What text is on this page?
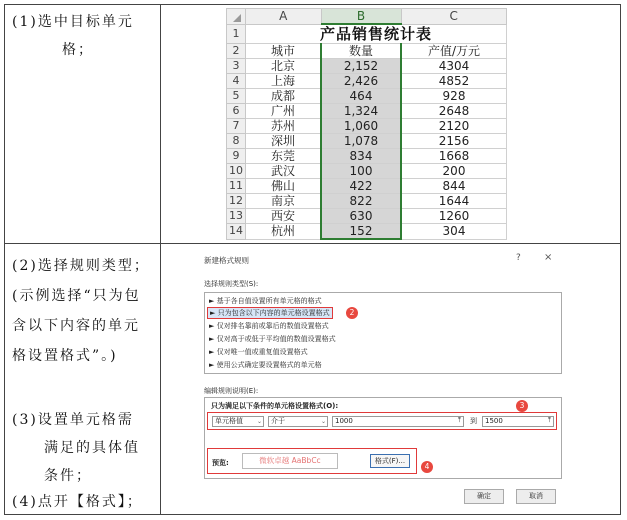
(1)选中目标单元
格；
(2)选择规则类型；
(示例选择“只为包
含以下内容的单元
格设置格式”。)
(3)设置单元格需
满足的具体值
条件；
(4)点开【格式】；
	A	B	C
1	产品销售统计表		
2	城市	数量	产值/万元
3	北京	2,152	4304
4	上海	2,426	4852
5	成都	464	928
6	广州	1,324	2648
7	苏州	1,060	2120
8	深圳	1,078	2156
9	东莞	834	1668
10	武汉	100	200
11	佛山	422	844
12	南京	822	1644
13	西安	630	1260
14	杭州	152	304
新建格式规则	? ×
选择规则类型(S):
► 基于各自值设置所有单元格的格式
► 只为包含以下内容的单元格设置格式
► 仅对排名靠前或靠后的数值设置格式
► 仅对高于或低于平均值的数值设置格式
► 仅对唯一值或重复值设置格式
► 使用公式确定要设置格式的单元格
编辑规则说明(E):
只为满足以下条件的单元格设置格式(O):
单元格值 ⌄	介于	⌄	1000	⤒ 到	1500	⤒
预览:	微软卓越 AaBbCc	格式(F)...
确定	取消
2
3
4
